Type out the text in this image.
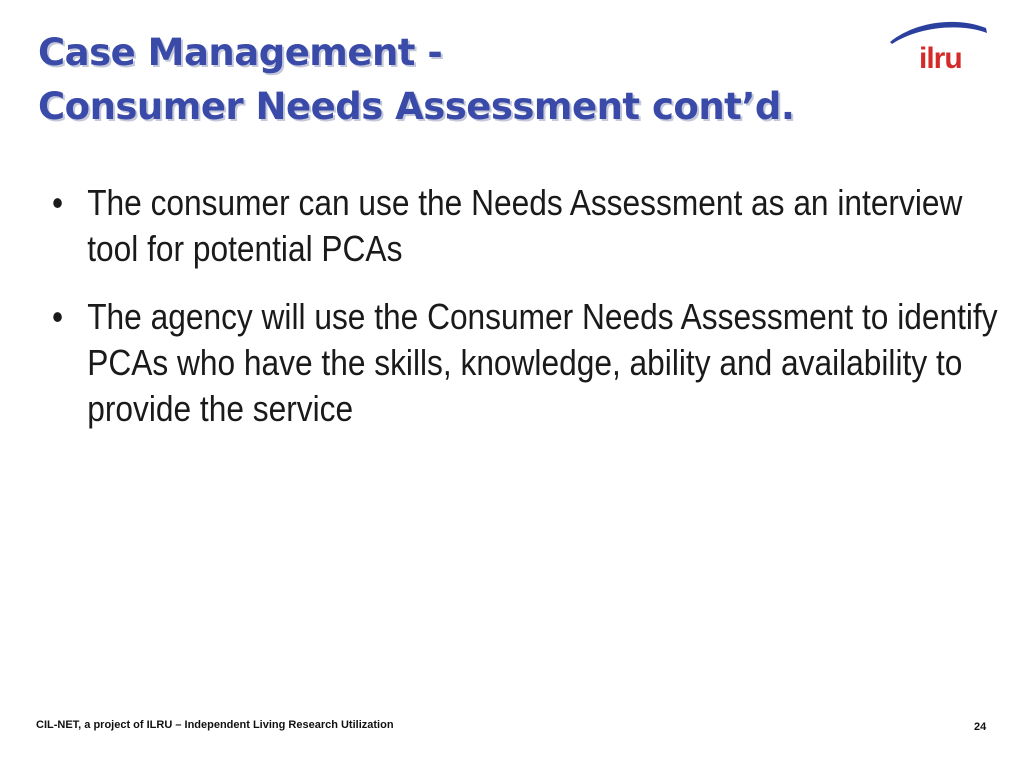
Case Management -
Consumer Needs Assessment cont’d.
ilru
• The consumer can use the Needs Assessment as an interview tool for potential PCAs
• The agency will use the Consumer Needs Assessment to identify PCAs who have the skills, knowledge, ability and availability to provide the service
CIL-NET, a project of ILRU – Independent Living Research Utilization	24
